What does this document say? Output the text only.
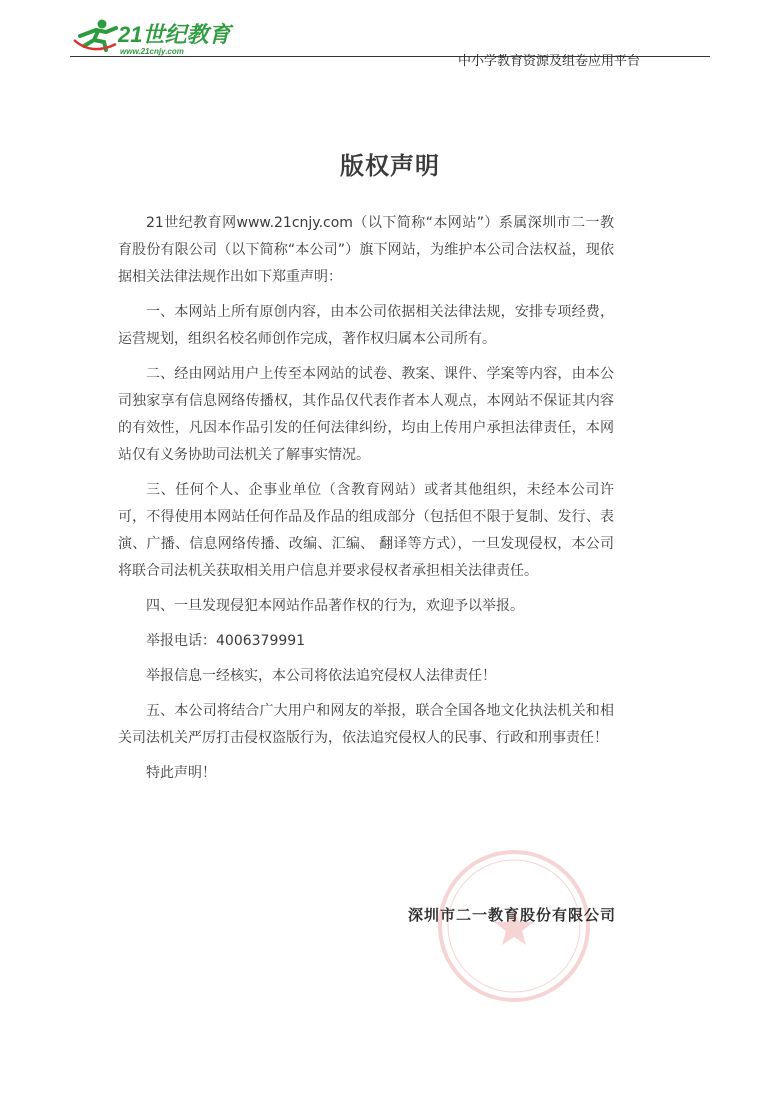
21世纪教育
www.21cnjy.com
中小学教育资源及组卷应用平台
版权声明

21世纪教育网www.21cnjy.com（以下简称“本网站”）系属深圳市二一教育股份有限公司（以下简称“本公司”）旗下网站，为维护本公司合法权益，现依据相关法律法规作出如下郑重声明：

一、本网站上所有原创内容，由本公司依据相关法律法规，安排专项经费，运营规划，组织名校名师创作完成，著作权归属本公司所有。

二、经由网站用户上传至本网站的试卷、教案、课件、学案等内容，由本公司独家享有信息网络传播权，其作品仅代表作者本人观点，本网站不保证其内容的有效性，凡因本作品引发的任何法律纠纷，均由上传用户承担法律责任，本网站仅有义务协助司法机关了解事实情况。

三、任何个人、企事业单位（含教育网站）或者其他组织，未经本公司许可，不得使用本网站任何作品及作品的组成部分（包括但不限于复制、发行、表演、广播、信息网络传播、改编、汇编、 翻译等方式），一旦发现侵权，本公司将联合司法机关获取相关用户信息并要求侵权者承担相关法律责任。

四、一旦发现侵犯本网站作品著作权的行为，欢迎予以举报。

举报电话：4006379991

举报信息一经核实，本公司将依法追究侵权人法律责任！

五、本公司将结合广大用户和网友的举报，联合全国各地文化执法机关和相关司法机关严厉打击侵权盗版行为，依法追究侵权人的民事、行政和刑事责任！

特此声明！

深圳市二一教育股份有限公司
